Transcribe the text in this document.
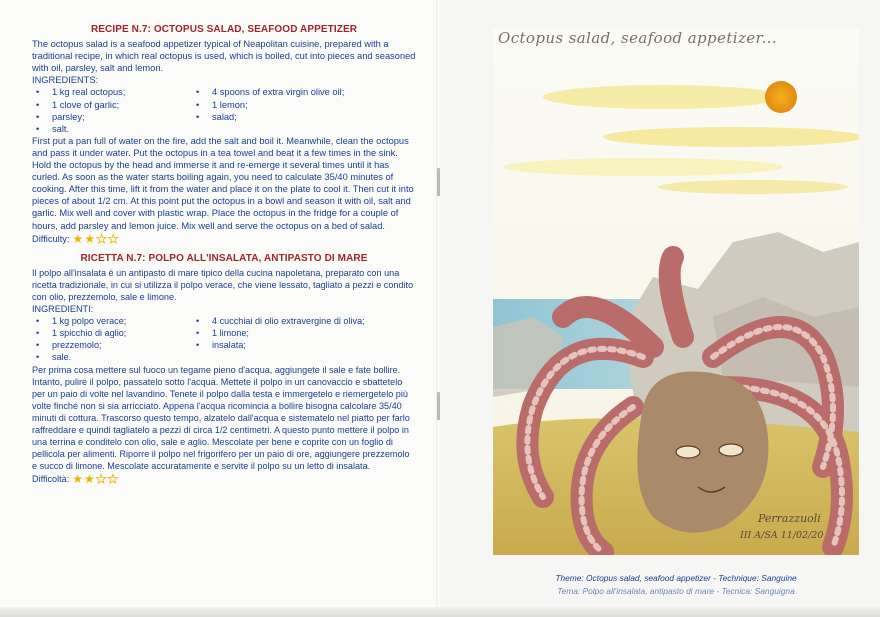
RECIPE N.7: OCTOPUS SALAD, SEAFOOD APPETIZER

The octopus salad is a seafood appetizer typical of Neapolitan cuisine, prepared with a traditional recipe, in which real octopus is used, which is boiled, cut into pieces and seasoned with oil, parsley, salt and lemon.

INGREDIENTS:

• 1 kg real octopus;	• 4 spoons of extra virgin olive oil;
• 1 clove of garlic;	• 1 lemon;
• parsley;	• salad;
• salt.

First put a pan full of water on the fire, add the salt and boil it. Meanwhile, clean the octopus and pass it under water. Put the octopus in a tea towel and beat it a few times in the sink. Hold the octopus by the head and immerse it and re-emerge it several times until it has curled. As soon as the water starts boiling again, you need to calculate 35/40 minutes of cooking. After this time, lift it from the water and place it on the plate to cool it. Then cut it into pieces of about 1/2 cm. At this point put the octopus in a bowl and season it with oil, salt and garlic. Mix well and cover with plastic wrap. Place the octopus in the fridge for a couple of hours, add parsley and lemon juice. Mix well and serve the octopus on a bed of salad.

Difficulty: ★ ★ ★ ★
RICETTA N.7: POLPO ALL'INSALATA, ANTIPASTO DI MARE

Il polpo all'insalata è un antipasto di mare tipico della cucina napoletana, preparato con una ricetta tradizionale, in cui si utilizza il polpo verace, che viene lessato, tagliato a pezzi e condito con olio, prezzemolo, sale e limone.

INGREDIENTI:

• 1 kg polpo verace;	• 4 cucchiai di olio extravergine di oliva;
• 1 spicchio di aglio;	• 1 limone;
• prezzemolo;	• insalata;
• sale.

Per prima cosa mettere sul fuoco un tegame pieno d'acqua, aggiungete il sale e fate bollire. Intanto, pulire il polpo, passatelo sotto l'acqua. Mettete il polpo in un canovaccio e sbattetelo per un paio di volte nel lavandino. Tenete il polpo dalla testa e immergetelo e riemergetelo più volte finché non si sia arricciato. Appena l'acqua ricomincia a bollire bisogna calcolare 35/40 minuti di cottura. Trascorso questo tempo, alzatelo dall'acqua e sistematelo nel piatto per farlo raffreddare e quindi tagliatelo a pezzi di circa 1/2 centimetri. A questo punto mettere il polpo in una terrina e conditelo con olio, sale e aglio. Mescolate per bene e coprite con un foglio di pellicola per alimenti. Riporre il polpo nel frigorifero per un paio di ore, aggiungere prezzemolo e succo di limone. Mescolate accuratamente e servite il polpo su un letto di insalata.

Difficoltà: ★ ★ ★ ★
Octopus salad, seafood appetizer...
Perrazzuoli
III A/SA 11/02/20
Theme: Octopus salad, seafood appetizer - Technique: Sanguine
Tema: Polpo all'insalata, antipasto di mare - Tecnica: Sanguigna
